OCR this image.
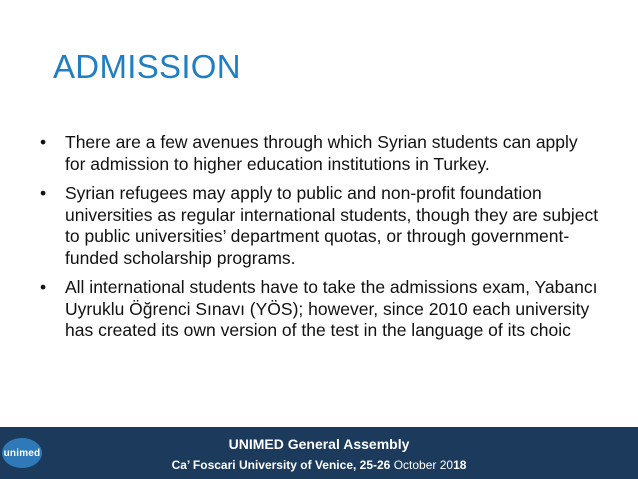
ADMISSION
• There are a few avenues through which Syrian students can apply for admission to higher education institutions in Turkey.
• Syrian refugees may apply to public and non-profit foundation universities as regular international students, though they are subject to public universities’ department quotas, or through government-funded scholarship programs.
• All international students have to take the admissions exam, Yabancı Uyruklu Öğrenci Sınavı (YÖS); however, since 2010 each university has created its own version of the test in the language of its choic
unimed
UNIMED General Assembly
Ca’ Foscari University of Venice, 25-26 October 2018
